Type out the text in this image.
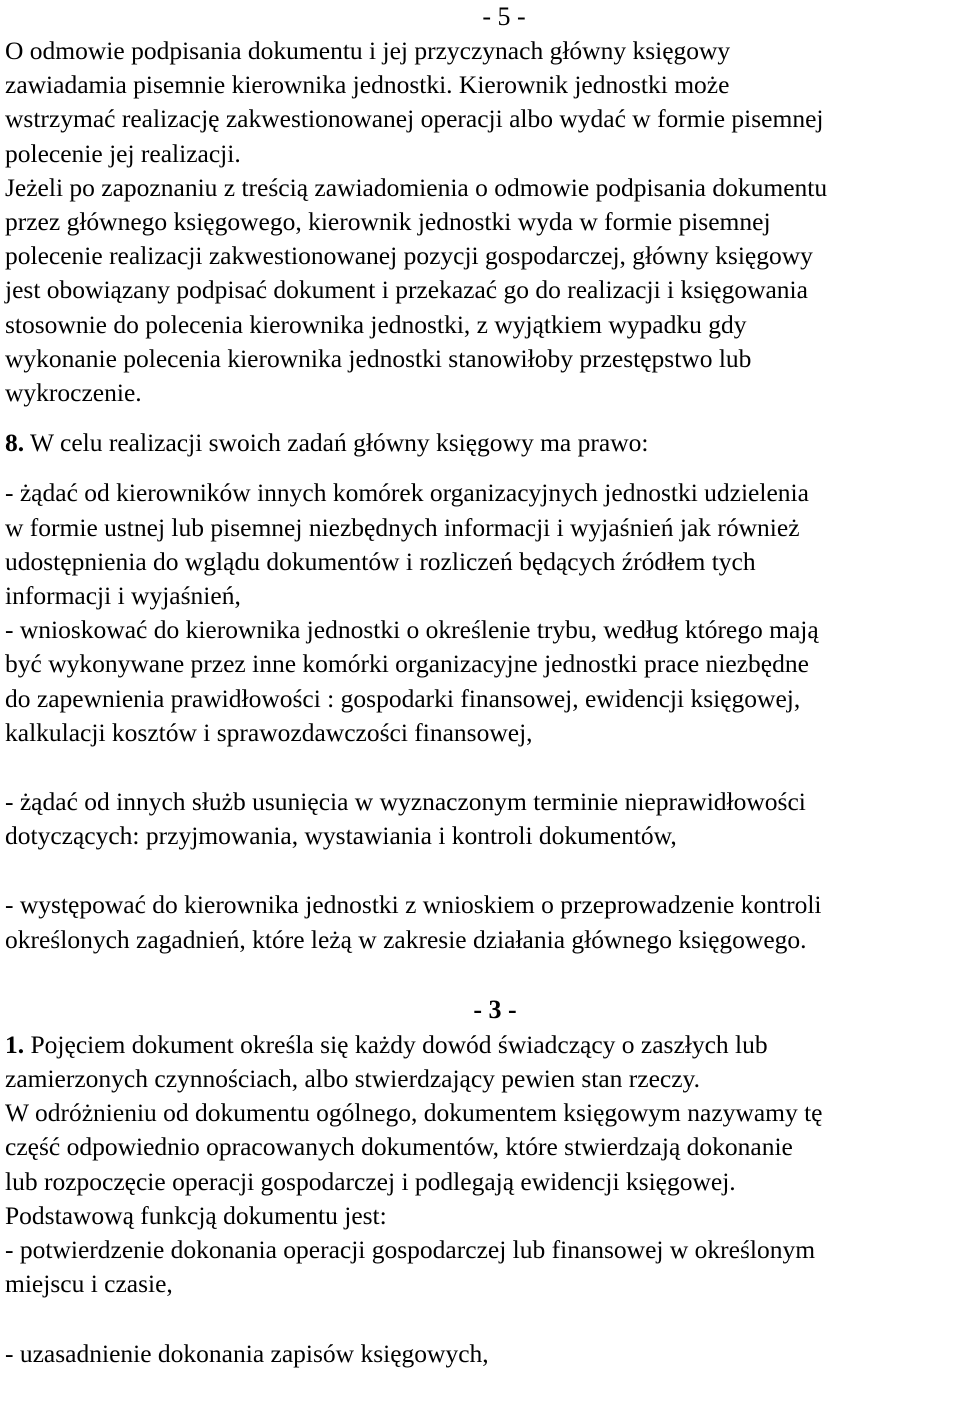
- 5 -

O odmowie podpisania dokumentu i jej przyczynach główny księgowy

zawiadamia pisemnie kierownika jednostki. Kierownik jednostki może

wstrzymać realizację zakwestionowanej operacji albo wydać w formie pisemnej

polecenie jej realizacji.

Jeżeli po zapoznaniu z treścią zawiadomienia o odmowie podpisania dokumentu

przez głównego księgowego, kierownik jednostki wyda w formie pisemnej

polecenie realizacji zakwestionowanej pozycji gospodarczej, główny księgowy

jest obowiązany podpisać dokument i przekazać go do realizacji i księgowania

stosownie do polecenia kierownika jednostki, z wyjątkiem wypadku gdy

wykonanie polecenia kierownika jednostki stanowiłoby przestępstwo lub

wykroczenie.

8. W celu realizacji swoich zadań główny księgowy ma prawo:

- żądać od kierowników innych komórek organizacyjnych jednostki udzielenia

w formie ustnej lub pisemnej niezbędnych informacji i wyjaśnień jak również

udostępnienia do wglądu dokumentów i rozliczeń będących źródłem tych

informacji i wyjaśnień,

- wnioskować do kierownika jednostki o określenie trybu, według którego mają

być wykonywane przez inne komórki organizacyjne jednostki prace niezbędne

do zapewnienia prawidłowości : gospodarki finansowej, ewidencji księgowej,

kalkulacji kosztów i sprawozdawczości finansowej,

- żądać od innych służb usunięcia w wyznaczonym terminie nieprawidłowości

dotyczących: przyjmowania, wystawiania i kontroli dokumentów,

- występować do kierownika jednostki z wnioskiem o przeprowadzenie kontroli

określonych zagadnień, które leżą w zakresie działania głównego księgowego.

- 3 -

1. Pojęciem dokument określa się każdy dowód świadczący o zaszłych lub

zamierzonych czynnościach, albo stwierdzający pewien stan rzeczy.

W odróżnieniu od dokumentu ogólnego, dokumentem księgowym nazywamy tę

część odpowiednio opracowanych dokumentów, które stwierdzają dokonanie

lub rozpoczęcie operacji gospodarczej i podlegają ewidencji księgowej.

Podstawową funkcją dokumentu jest:

- potwierdzenie dokonania operacji gospodarczej lub finansowej w określonym

miejscu i czasie,

- uzasadnienie dokonania zapisów księgowych,
